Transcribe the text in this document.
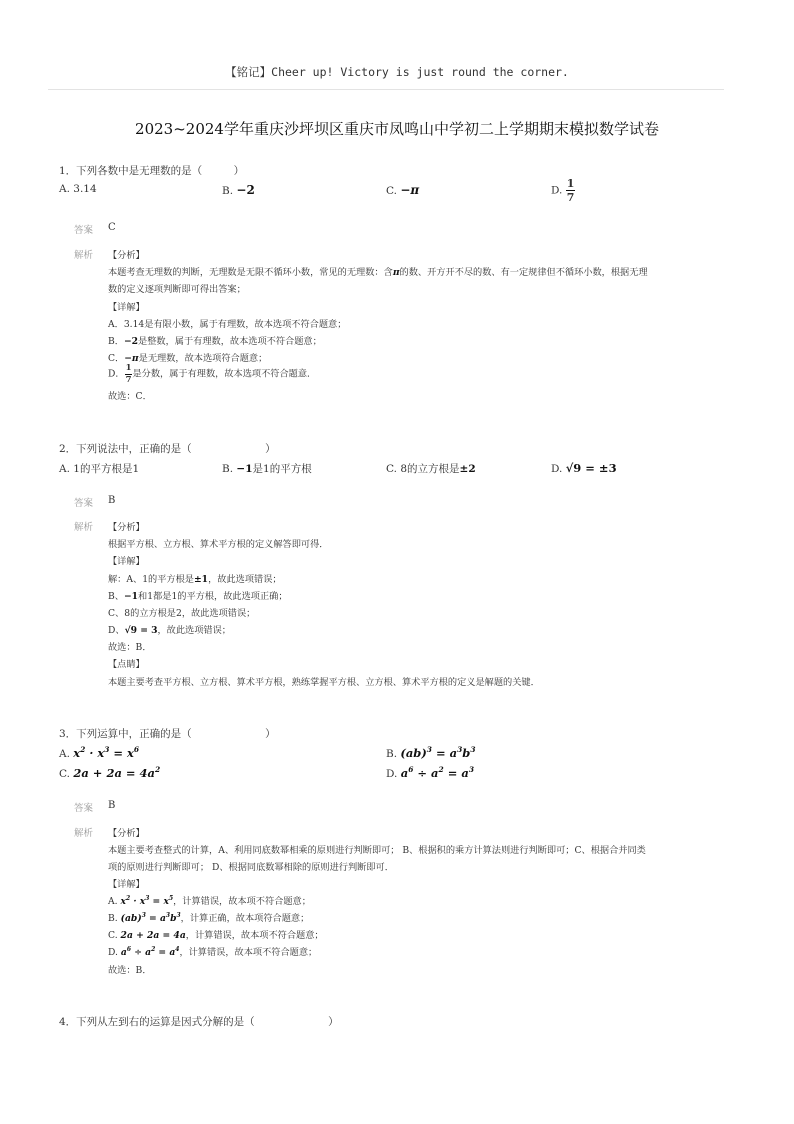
【铭记】Cheer up! Victory is just round the corner.
2023~2024学年重庆沙坪坝区重庆市凤鸣山中学初二上学期期末模拟数学试卷
1．下列各数中是无理数的是（　　　）
A. 3.14	B. −2	C. −π	D. $\frac{1}{7}$
答案 C
解析 【分析】
本题考查无理数的判断，无理数是无限不循环小数，常见的无理数：含π的数、开方开不尽的数、有一定规律但不循环小数，根据无理
数的定义逐项判断即可得出答案；
【详解】
A．3.14是有限小数，属于有理数，故本选项不符合题意；
B．−2是整数，属于有理数，故本选项不符合题意；
C．−π是无理数，故本选项符合题意；
D． $\frac{1}{7}$ 是分数，属于有理数，故本选项不符合题意．
故选：C．
2．下列说法中，正确的是（　　　　　　　）
A. 1的平方根是1	B. −1是1的平方根	C. 8的立方根是±2	D. √9 = ±3
答案 B
解析 【分析】
根据平方根、立方根、算术平方根的定义解答即可得．
【详解】
解：A、1的平方根是±1，故此选项错误；
B、−1和1都是1的平方根，故此选项正确；
C、8的立方根是2，故此选项错误；
D、√9 = 3，故此选项错误；
故选：B．
【点睛】
本题主要考查平方根、立方根、算术平方根，熟练掌握平方根、立方根、算术平方根的定义是解题的关键．
3．下列运算中，正确的是（　　　　　　　）
A. $x^2 \cdot x^3 = x^6$	B. $(ab)^3 = a^3b^3$
C. $2a + 2a = 4a^2$	D. $a^6 \div a^2 = a^3$
答案 B
解析 【分析】
本题主要考查整式的计算，A、利用同底数幂相乘的原则进行判断即可； B、根据积的乘方计算法则进行判断即可；C、根据合并同类
项的原则进行判断即可； D、根据同底数幂相除的原则进行判断即可．
【详解】
A. $x^2 \cdot x^3 = x^5$，计算错误，故本项不符合题意；
B. $(ab)^3 = a^3b^3$，计算正确，故本项符合题意；
C. 2a + 2a = 4a，计算错误，故本项不符合题意；
D. $a^6 \div a^2 = a^4$，计算错误，故本项不符合题意；
故选：B．
4．下列从左到右的运算是因式分解的是（　　　　　　　）
